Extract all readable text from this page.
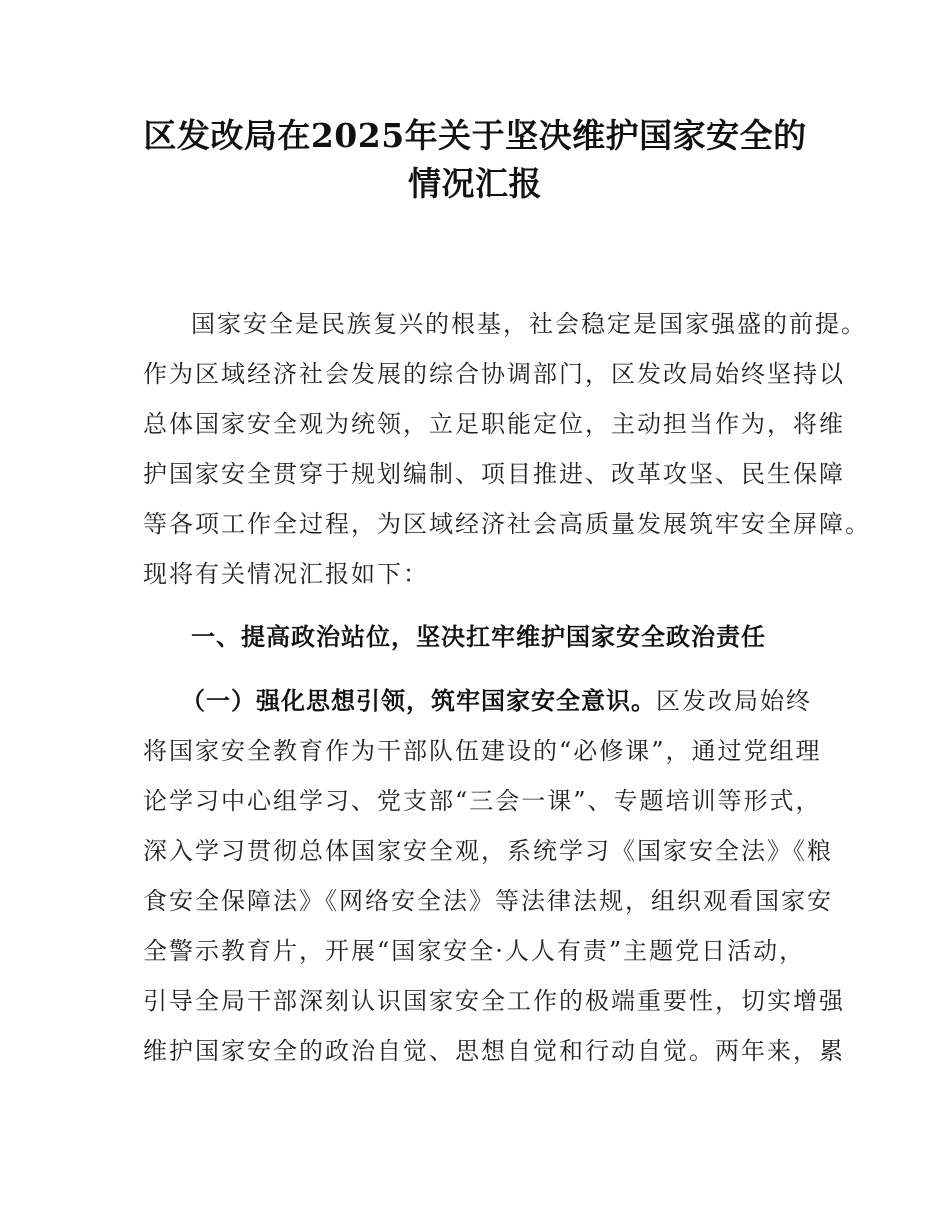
区发改局在2025年关于坚决维护国家安全的
情况汇报
国家安全是民族复兴的根基，社会稳定是国家强盛的前提。
作为区域经济社会发展的综合协调部门，区发改局始终坚持以
总体国家安全观为统领，立足职能定位，主动担当作为，将维
护国家安全贯穿于规划编制、项目推进、改革攻坚、民生保障
等各项工作全过程，为区域经济社会高质量发展筑牢安全屏障。
现将有关情况汇报如下：
一、提高政治站位，坚决扛牢维护国家安全政治责任
（一）强化思想引领，筑牢国家安全意识。区发改局始终
将国家安全教育作为干部队伍建设的“必修课”，通过党组理
论学习中心组学习、党支部“三会一课”、专题培训等形式，
深入学习贯彻总体国家安全观，系统学习《国家安全法》《粮
食安全保障法》《网络安全法》等法律法规，组织观看国家安
全警示教育片，开展“国家安全·人人有责”主题党日活动，
引导全局干部深刻认识国家安全工作的极端重要性，切实增强
维护国家安全的政治自觉、思想自觉和行动自觉。两年来，累
